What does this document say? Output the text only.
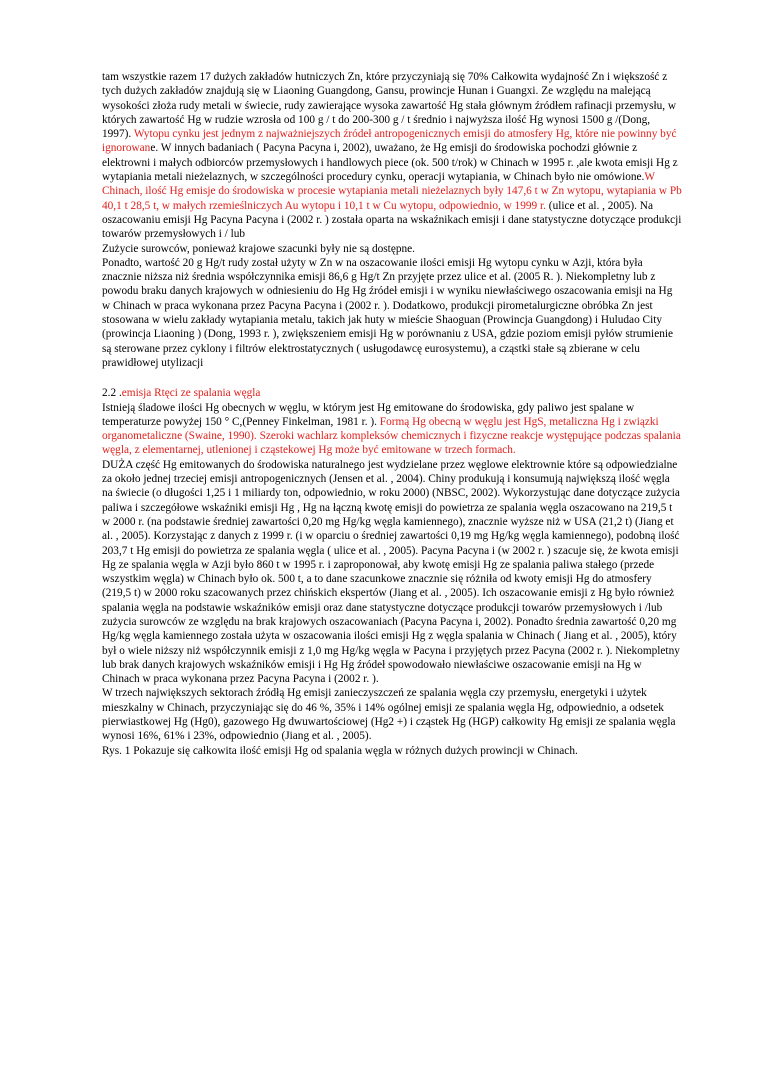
tam wszystkie razem 17 dużych zakładów hutniczych Zn, które przyczyniają się 70% Całkowita wydajność Zn i większość z tych dużych zakładów znajdują się w Liaoning Guangdong, Gansu, prowincje Hunan i Guangxi. Ze względu na malejącą wysokości złoża rudy metali w świecie, rudy zawierające wysoka zawartość Hg stała głównym źródłem rafinacji przemysłu, w których zawartość Hg w rudzie wzrosła od 100 g / t do 200-300 g / t średnio i najwyższa ilość Hg wynosi 1500 g /(Dong, 1997). Wytopu cynku jest jednym z najważniejszych źródeł antropogenicznych emisji do atmosfery Hg, które nie powinny być ignorowane. W innych badaniach ( Pacyna Pacyna i, 2002), uważano, że Hg emisji do środowiska pochodzi głównie z elektrowni i małych odbiorców przemysłowych i handlowych piece (ok. 500 t/rok) w Chinach w 1995 r. ,ale kwota emisji Hg z wytapiania metali nieżelaznych, w szczególności procedury cynku, operacji wytapiania, w Chinach było nie omówione.W Chinach, ilość Hg emisje do środowiska w procesie wytapiania metali nieżelaznych były 147,6 t w Zn wytopu, wytapiania w Pb 40,1 t 28,5 t, w małych rzemieślniczych Au wytopu i 10,1 t w Cu wytopu, odpowiednio, w 1999 r. (ulice et al. , 2005). Na oszacowaniu emisji Hg Pacyna Pacyna i (2002 r. ) została oparta na wskaźnikach emisji i dane statystyczne dotyczące produkcji towarów przemysłowych i / lub

Zużycie surowców, ponieważ krajowe szacunki były nie są dostępne.

Ponadto, wartość 20 g Hg/t rudy został użyty w Zn w na oszacowanie ilości emisji Hg wytopu cynku w Azji, która była znacznie niższa niż średnia współczynnika emisji 86,6 g Hg/t Zn przyjęte przez ulice et al. (2005 R. ). Niekompletny lub z powodu braku danych krajowych w odniesieniu do Hg Hg źródeł emisji i w wyniku niewłaściwego oszacowania emisji na Hg w Chinach w praca wykonana przez Pacyna Pacyna i (2002 r. ). Dodatkowo, produkcji pirometalurgiczne obróbka Zn jest stosowana w wielu zakłady wytapiania metalu, takich jak huty w mieście Shaoguan (Prowincja Guangdong) i Huludao City (prowincja Liaoning ) (Dong, 1993 r. ), zwiększeniem emisji Hg w porównaniu z USA, gdzie poziom emisji pyłów strumienie są sterowane przez cyklony i filtrów elektrostatycznych ( usługodawcę eurosystemu), a cząstki stałe są zbierane w celu prawidłowej utylizacji

2.2 .emisja Rtęci ze spalania węgla

Istnieją śladowe ilości Hg obecnych w węglu, w którym jest Hg emitowane do środowiska, gdy paliwo jest spalane w temperaturze powyżej 150 ° C,(Penney Finkelman, 1981 r. ). Formą Hg obecną w węglu jest HgS, metaliczna Hg i związki organometaliczne (Swaine, 1990). Szeroki wachlarz kompleksów chemicznych i fizyczne reakcje występujące podczas spalania węgla, z elementarnej, utlenionej i cząstekowej Hg może być emitowane w trzech formach.

DUŻA część Hg emitowanych do środowiska naturalnego jest wydzielane przez węglowe elektrownie które są odpowiedzialne za około jednej trzeciej emisji antropogenicznych (Jensen et al. , 2004). Chiny produkują i konsumują największą ilość węgla na świecie (o długości 1,25 i 1 miliardy ton, odpowiednio, w roku 2000) (NBSC, 2002). Wykorzystując dane dotyczące zużycia paliwa i szczegółowe wskaźniki emisji Hg , Hg na łączną kwotę emisji do powietrza ze spalania węgla oszacowano na 219,5 t w 2000 r. (na podstawie średniej zawartości 0,20 mg Hg/kg węgla kamiennego), znacznie wyższe niż w USA (21,2 t) (Jiang et al. , 2005). Korzystając z danych z 1999 r. (i w oparciu o średniej zawartości 0,19 mg Hg/kg węgla kamiennego), podobną ilość 203,7 t Hg emisji do powietrza ze spalania węgla ( ulice et al. , 2005). Pacyna Pacyna i (w 2002 r. ) szacuje się, że kwota emisji Hg ze spalania węgla w Azji było 860 t w 1995 r. i zaproponował, aby kwotę emisji Hg ze spalania paliwa stałego (przede wszystkim węgla) w Chinach było ok. 500 t, a to dane szacunkowe znacznie się różniła od kwoty emisji Hg do atmosfery (219,5 t) w 2000 roku szacowanych przez chińskich ekspertów (Jiang et al. , 2005). Ich oszacowanie emisji z Hg było również spalania węgla na podstawie wskaźników emisji oraz dane statystyczne dotyczące produkcji towarów przemysłowych i /lub zużycia surowców ze względu na brak krajowych oszacowaniach (Pacyna Pacyna i, 2002). Ponadto średnia zawartość 0,20 mg Hg/kg węgla kamiennego została użyta w oszacowania ilości emisji Hg z węgla spalania w Chinach ( Jiang et al. , 2005), który był o wiele niższy niż współczynnik emisji z 1,0 mg Hg/kg węgla w Pacyna i przyjętych przez Pacyna (2002 r. ). Niekompletny lub brak danych krajowych wskaźników emisji i Hg Hg źródeł spowodowało niewłaściwe oszacowanie emisji na Hg w Chinach w praca wykonana przez Pacyna Pacyna i (2002 r. ).

W trzech największych sektorach źródłą Hg emisji zanieczyszczeń ze spalania węgla czy przemysłu, energetyki i użytek mieszkalny w Chinach, przyczyniając się do 46 %, 35% i 14% ogólnej emisji ze spalania węgla Hg, odpowiednio, a odsetek pierwiastkowej Hg (Hg0), gazowego Hg dwuwartościowej (Hg2 +) i cząstek Hg (HGP) całkowity Hg emisji ze spalania węgla wynosi 16%, 61% i 23%, odpowiednio (Jiang et al. , 2005).

Rys. 1 Pokazuje się całkowita ilość emisji Hg od spalania węgla w różnych dużych prowincji w Chinach.
